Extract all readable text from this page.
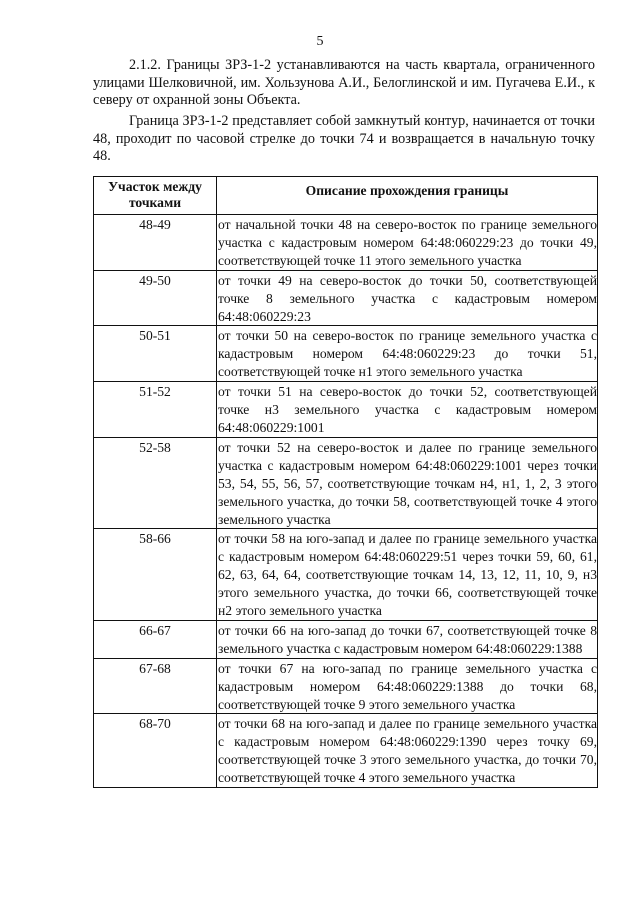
5
2.1.2. Границы ЗРЗ-1-2 устанавливаются на часть квартала, ограниченного улицами Шелковичной, им. Хользунова А.И., Белоглинской и им. Пугачева Е.И., к северу от охранной зоны Объекта.
Граница ЗРЗ-1-2 представляет собой замкнутый контур, начинается от точки 48, проходит по часовой стрелке до точки 74 и возвращается в начальную точку 48.
Участок между точками	Описание прохождения границы
48-49	от начальной точки 48 на северо-восток по границе земельного участка с кадастровым номером 64:48:060229:23 до точки 49, соответствующей точке 11 этого земельного участка
49-50	от точки 49 на северо-восток до точки 50, соответствующей точке 8 земельного участка с кадастровым номером 64:48:060229:23
50-51	от точки 50 на северо-восток по границе земельного участка с кадастровым номером 64:48:060229:23 до точки 51, соответствующей точке н1 этого земельного участка
51-52	от точки 51 на северо-восток до точки 52, соответствующей точке н3 земельного участка с кадастровым номером 64:48:060229:1001
52-58	от точки 52 на северо-восток и далее по границе земельного участка с кадастровым номером 64:48:060229:1001 через точки 53, 54, 55, 56, 57, соответствующие точкам н4, н1, 1, 2, 3 этого земельного участка, до точки 58, соответствующей точке 4 этого земельного участка
58-66	от точки 58 на юго-запад и далее по границе земельного участка с кадастровым номером 64:48:060229:51 через точки 59, 60, 61, 62, 63, 64, 64, соответствующие точкам 14, 13, 12, 11, 10, 9, н3 этого земельного участка, до точки 66, соответствующей точке н2 этого земельного участка
66-67	от точки 66 на юго-запад до точки 67, соответствующей точке 8 земельного участка с кадастровым номером 64:48:060229:1388
67-68	от точки 67 на юго-запад по границе земельного участка с кадастровым номером 64:48:060229:1388 до точки 68, соответствующей точке 9 этого земельного участка
68-70	от точки 68 на юго-запад и далее по границе земельного участка с кадастровым номером 64:48:060229:1390 через точку 69, соответствующей точке 3 этого земельного участка, до точки 70, соответствующей точке 4 этого земельного участка
